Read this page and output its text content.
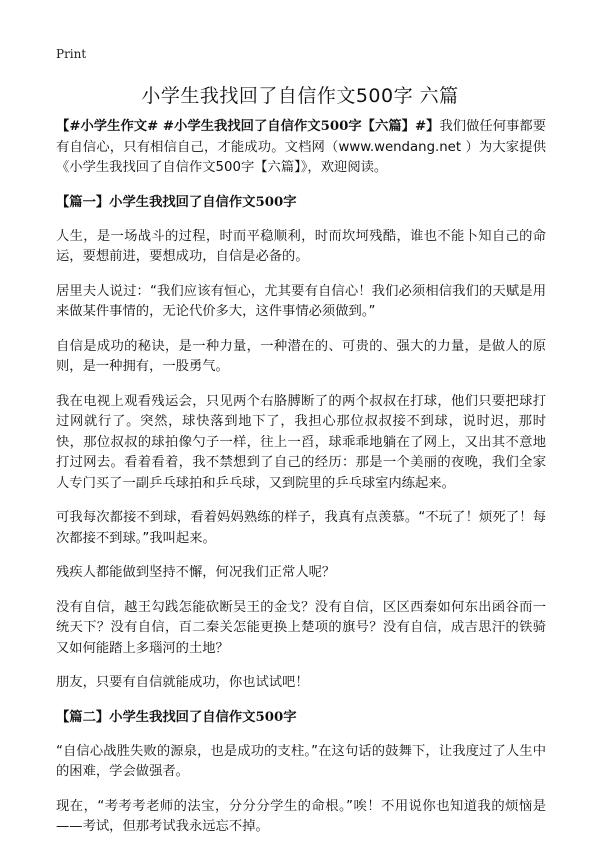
Print
小学生我找回了自信作文500字 六篇

【#小学生作文# #小学生我找回了自信作文500字【六篇】#】我们做任何事都要有自信心，只有相信自己，才能成功。文档网（www.wendang.net ）为大家提供《小学生我找回了自信作文500字【六篇】》，欢迎阅读。

【篇一】小学生我找回了自信作文500字

人生，是一场战斗的过程，时而平稳顺利，时而坎坷残酷，谁也不能卜知自己的命运，要想前进，要想成功，自信是必备的。

居里夫人说过：“我们应该有恒心，尤其要有自信心！我们必须相信我们的天赋是用来做某件事情的，无论代价多大，这件事情必须做到。”

自信是成功的秘诀，是一种力量，一种潜在的、可贵的、强大的力量，是做人的原则，是一种拥有，一股勇气。

我在电视上观看残运会，只见两个右胳膊断了的两个叔叔在打球，他们只要把球打过网就行了。突然，球快落到地下了，我担心那位叔叔接不到球，说时迟，那时快，那位叔叔的球拍像勺子一样，往上一舀，球乖乖地躺在了网上，又出其不意地打过网去。看着看着，我不禁想到了自己的经历：那是一个美丽的夜晚，我们全家人专门买了一副乒乓球拍和乒乓球，又到院里的乒乓球室内练起来。

可我每次都接不到球，看着妈妈熟练的样子，我真有点羡慕。“不玩了！烦死了！每次都接不到球。”我叫起来。

残疾人都能做到坚持不懈，何况我们正常人呢？

没有自信，越王勾践怎能砍断吴王的金戈？没有自信，区区西秦如何东出函谷而一统天下？没有自信，百二秦关怎能更换上楚项的旗号？没有自信，成吉思汗的铁骑又如何能踏上多瑙河的土地？

朋友，只要有自信就能成功，你也试试吧！

【篇二】小学生我找回了自信作文500字

“自信心战胜失败的源泉，也是成功的支柱。”在这句话的鼓舞下，让我度过了人生中的困难，学会做强者。

现在，“考考考老师的法宝，分分分学生的命根。”唉！不用说你也知道我的烦恼是——考试，但那考试我永远忘不掉。
